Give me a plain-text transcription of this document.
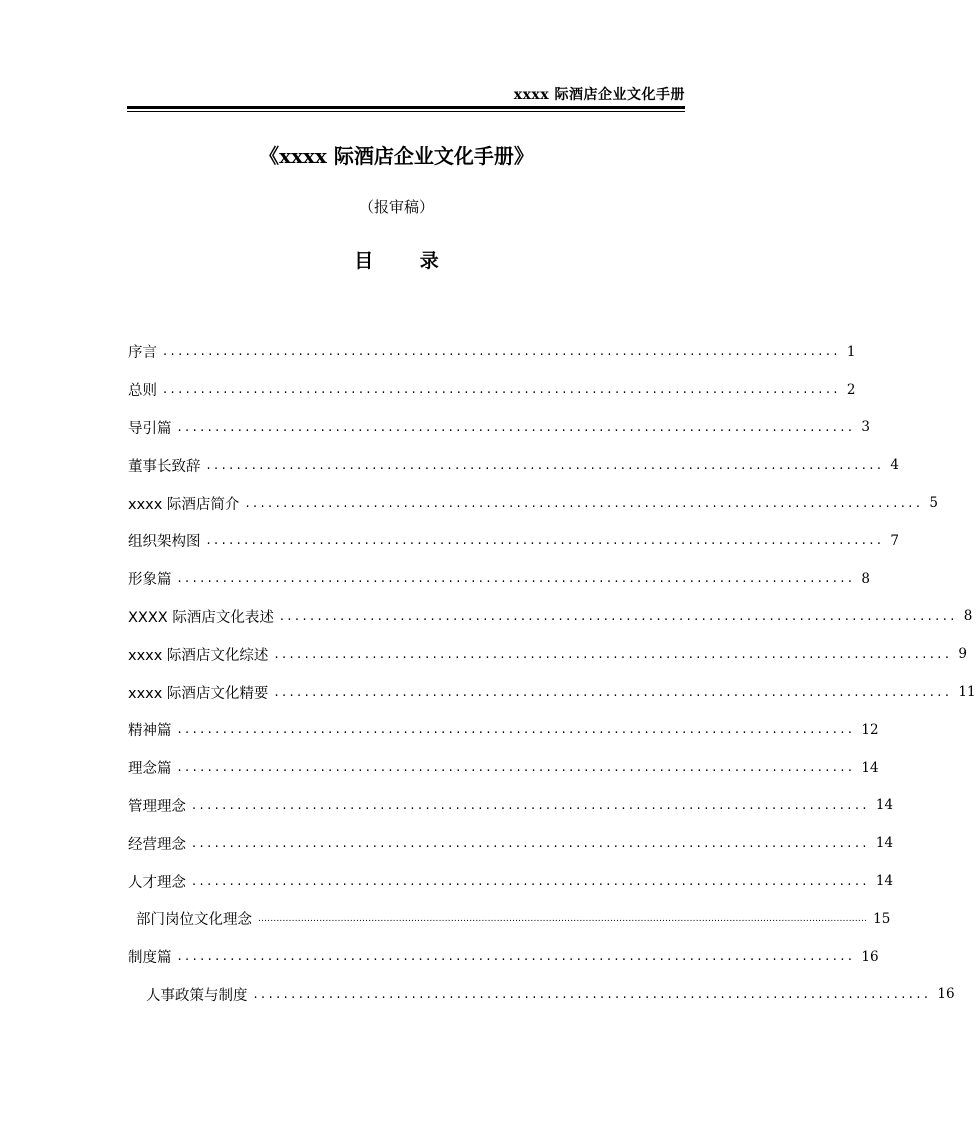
xxxx 际酒店企业文化手册
《xxxx 际酒店企业文化手册》
（报审稿）
目 录
序言 .......................................................................................... 1
总则 .......................................................................................... 2
导引篇 .......................................................................................... 3
董事长致辞 .......................................................................................... 4
xxxx 际酒店简介 .......................................................................................... 5
组织架构图 .......................................................................................... 7
形象篇 .......................................................................................... 8
XXXX 际酒店文化表述 .......................................................................................... 8
xxxx 际酒店文化综述 .......................................................................................... 9
xxxx 际酒店文化精要 .......................................................................................... 11
精神篇 .......................................................................................... 12
理念篇 .......................................................................................... 14
管理理念 .......................................................................................... 14
经营理念 .......................................................................................... 14
人才理念 .......................................................................................... 14
部门岗位文化理念 ....................................................................................................................................................................................................... 15
制度篇 .......................................................................................... 16
人事政策与制度 .......................................................................................... 16
